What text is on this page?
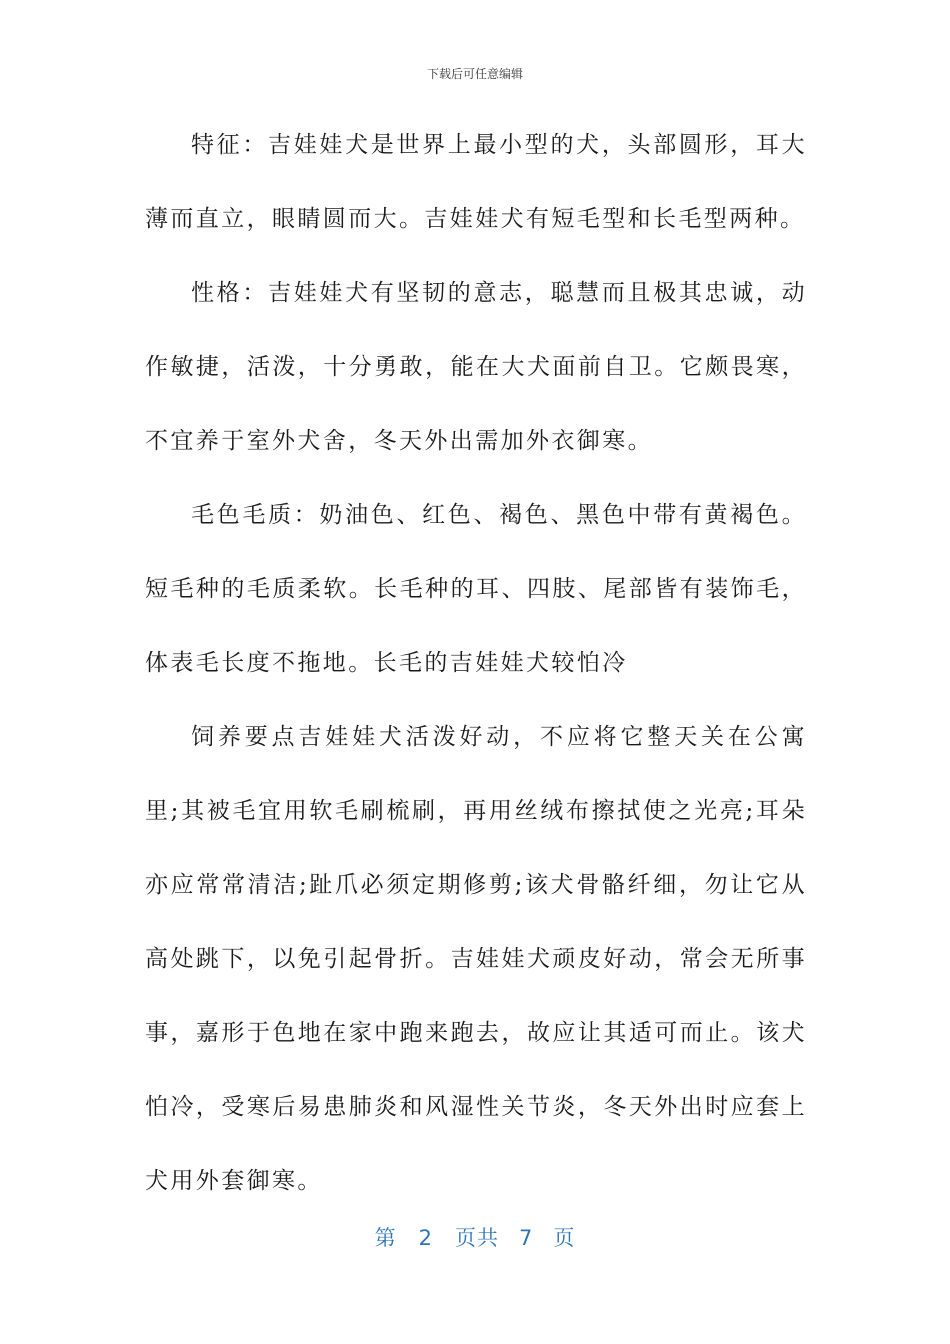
下载后可任意编辑

特征：吉娃娃犬是世界上最小型的犬，头部圆形，耳大薄而直立，眼睛圆而大。吉娃娃犬有短毛型和长毛型两种。

性格：吉娃娃犬有坚韧的意志，聪慧而且极其忠诚，动作敏捷，活泼，十分勇敢，能在大犬面前自卫。它颇畏寒，不宜养于室外犬舍，冬天外出需加外衣御寒。

毛色毛质：奶油色、红色、褐色、黑色中带有黄褐色。短毛种的毛质柔软。长毛种的耳、四肢、尾部皆有装饰毛，体表毛长度不拖地。长毛的吉娃娃犬较怕冷

饲养要点吉娃娃犬活泼好动，不应将它整天关在公寓里;其被毛宜用软毛刷梳刷，再用丝绒布擦拭使之光亮;耳朵亦应常常清洁;趾爪必须定期修剪;该犬骨骼纤细，勿让它从高处跳下，以免引起骨折。吉娃娃犬顽皮好动，常会无所事事，嘉形于色地在家中跑来跑去，故应让其适可而止。该犬怕冷，受寒后易患肺炎和风湿性关节炎，冬天外出时应套上犬用外套御寒。

第 2 页共 7 页
